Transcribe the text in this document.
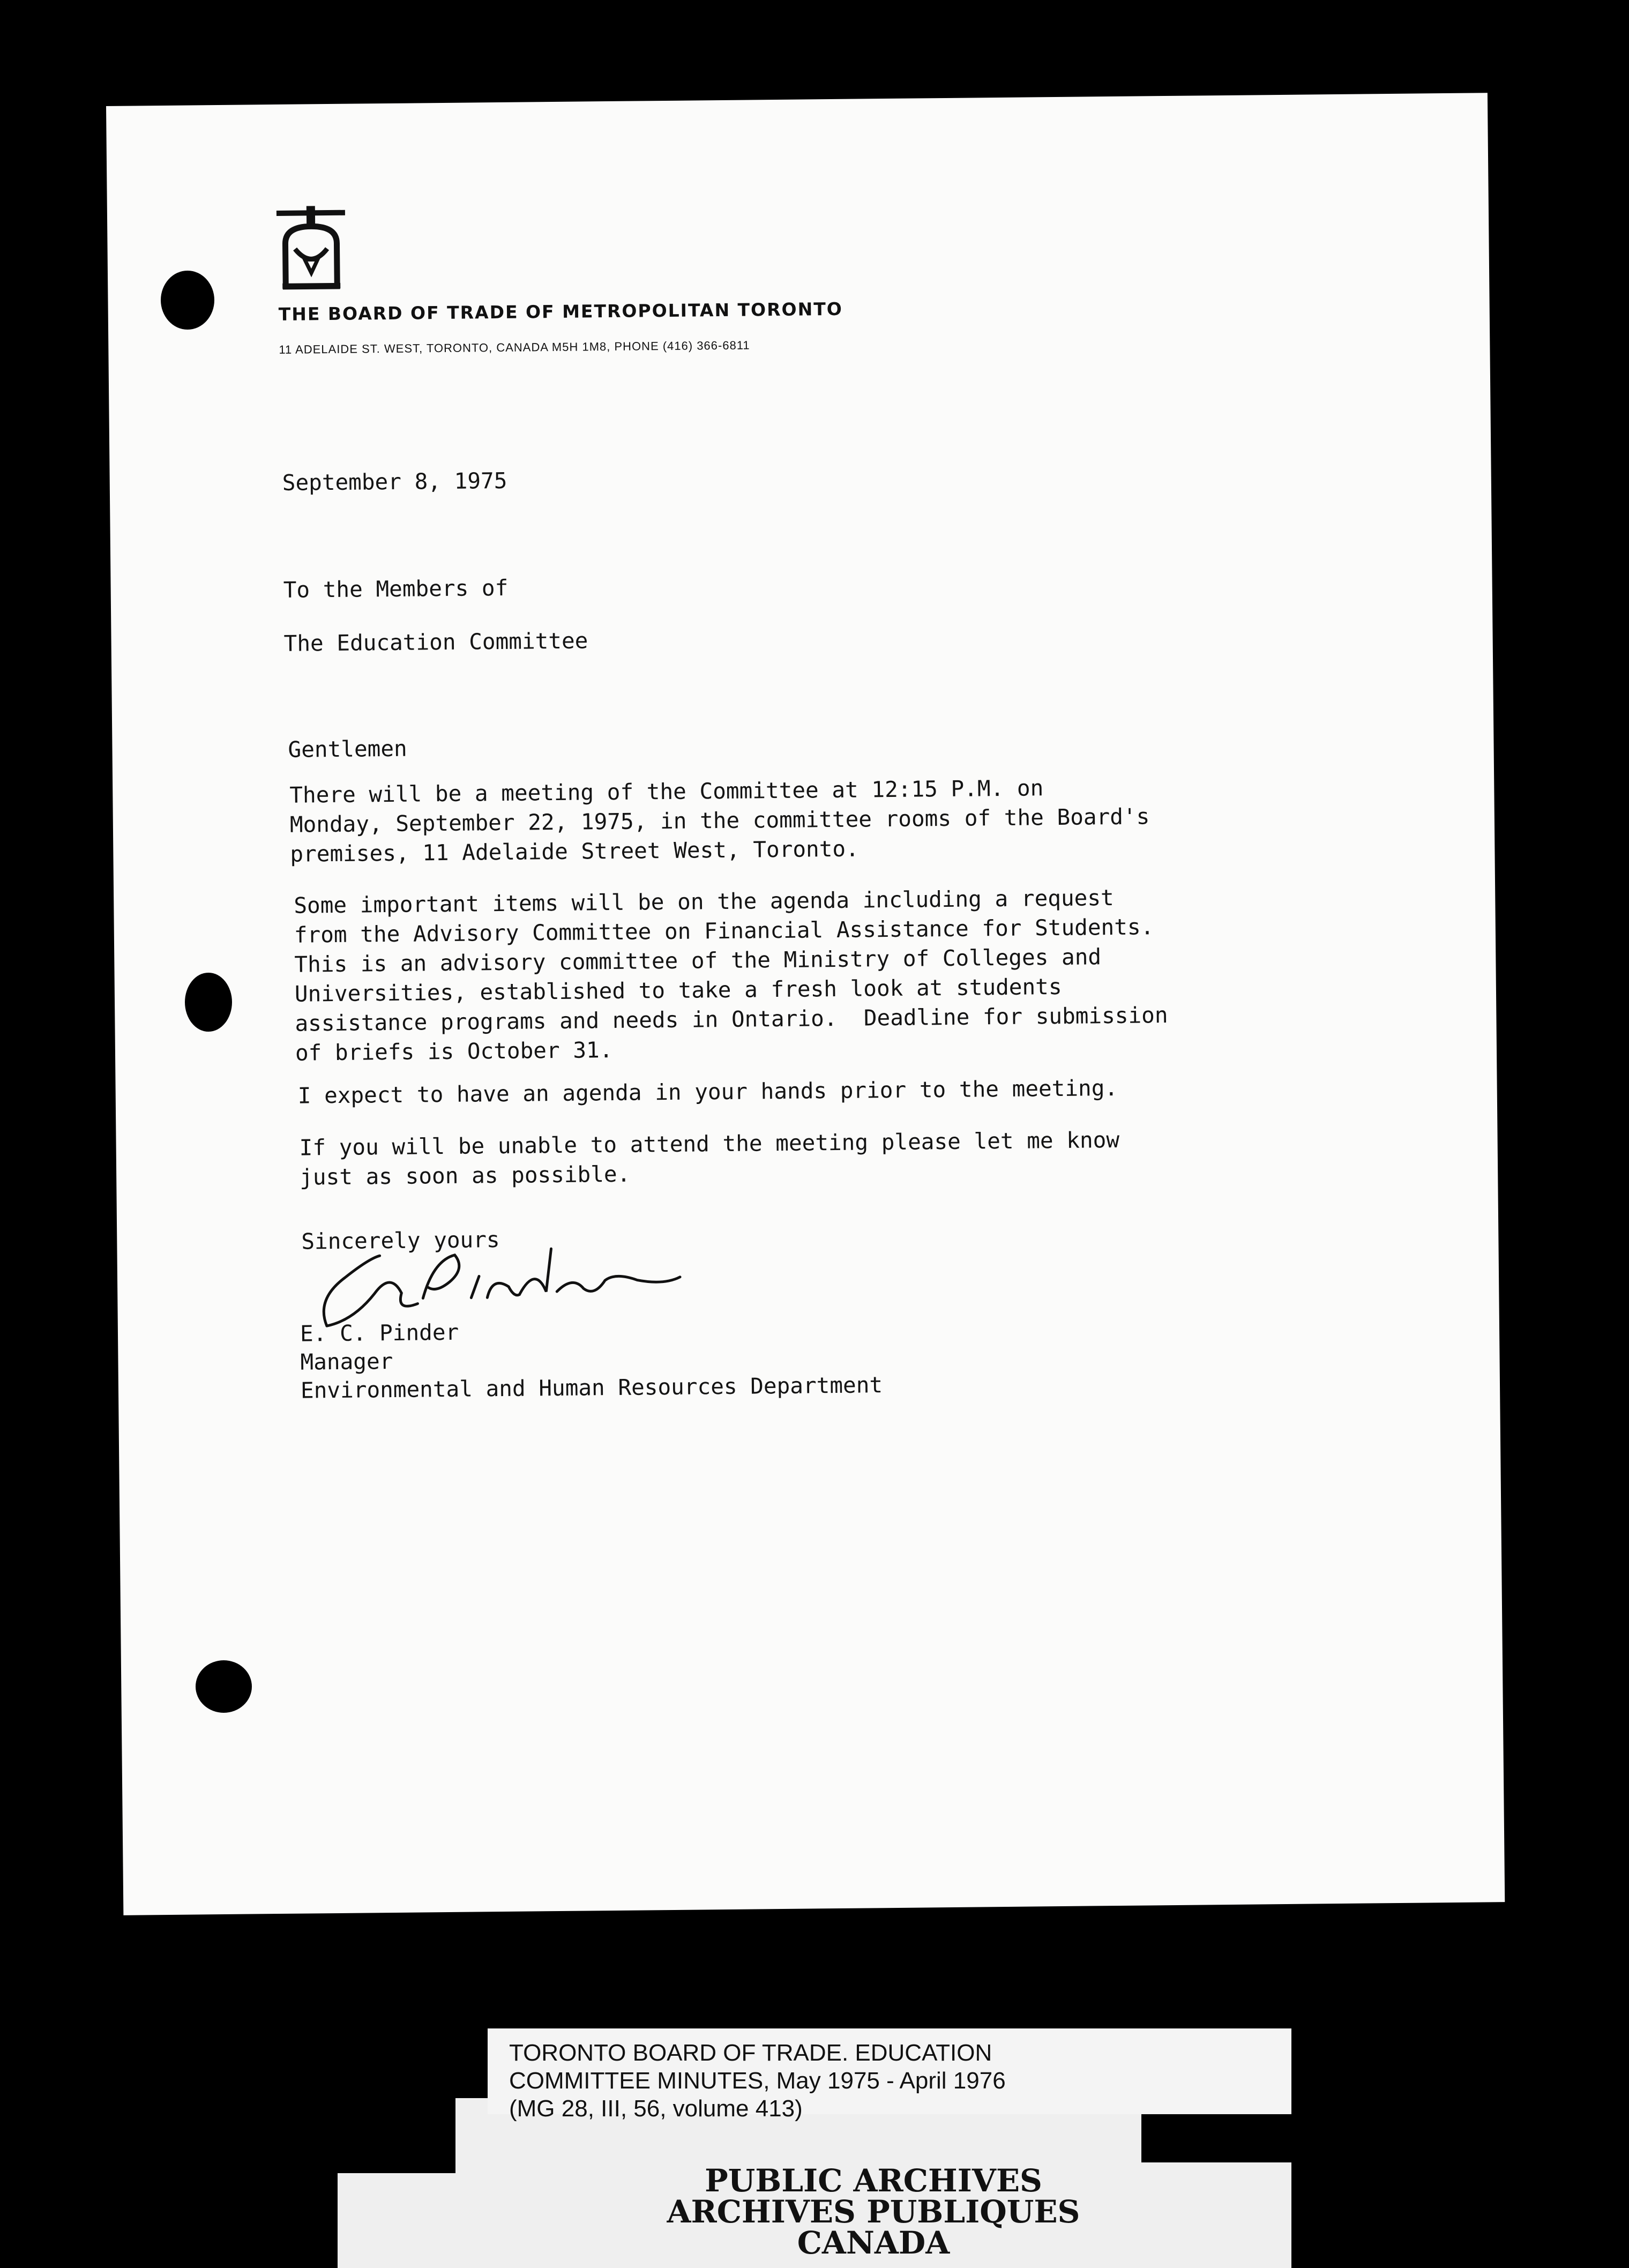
THE BOARD OF TRADE OF METROPOLITAN TORONTO
11 ADELAIDE ST. WEST, TORONTO, CANADA M5H 1M8, PHONE (416) 366-6811
September 8, 1975
To the Members of
The Education Committee
Gentlemen
There will be a meeting of the Committee at 12:15 P.M. on
Monday, September 22, 1975, in the committee rooms of the Board's
premises, 11 Adelaide Street West, Toronto.
Some important items will be on the agenda including a request
from the Advisory Committee on Financial Assistance for Students.
This is an advisory committee of the Ministry of Colleges and
Universities, established to take a fresh look at students
assistance programs and needs in Ontario.  Deadline for submission
of briefs is October 31.
I expect to have an agenda in your hands prior to the meeting.
If you will be unable to attend the meeting please let me know
just as soon as possible.
Sincerely yours
E. C. Pinder
Manager
Environmental and Human Resources Department
TORONTO BOARD OF TRADE. EDUCATION
COMMITTEE MINUTES, May 1975 - April 1976
(MG 28, III, 56, volume 413)
PUBLIC ARCHIVES
ARCHIVES PUBLIQUES
CANADA
